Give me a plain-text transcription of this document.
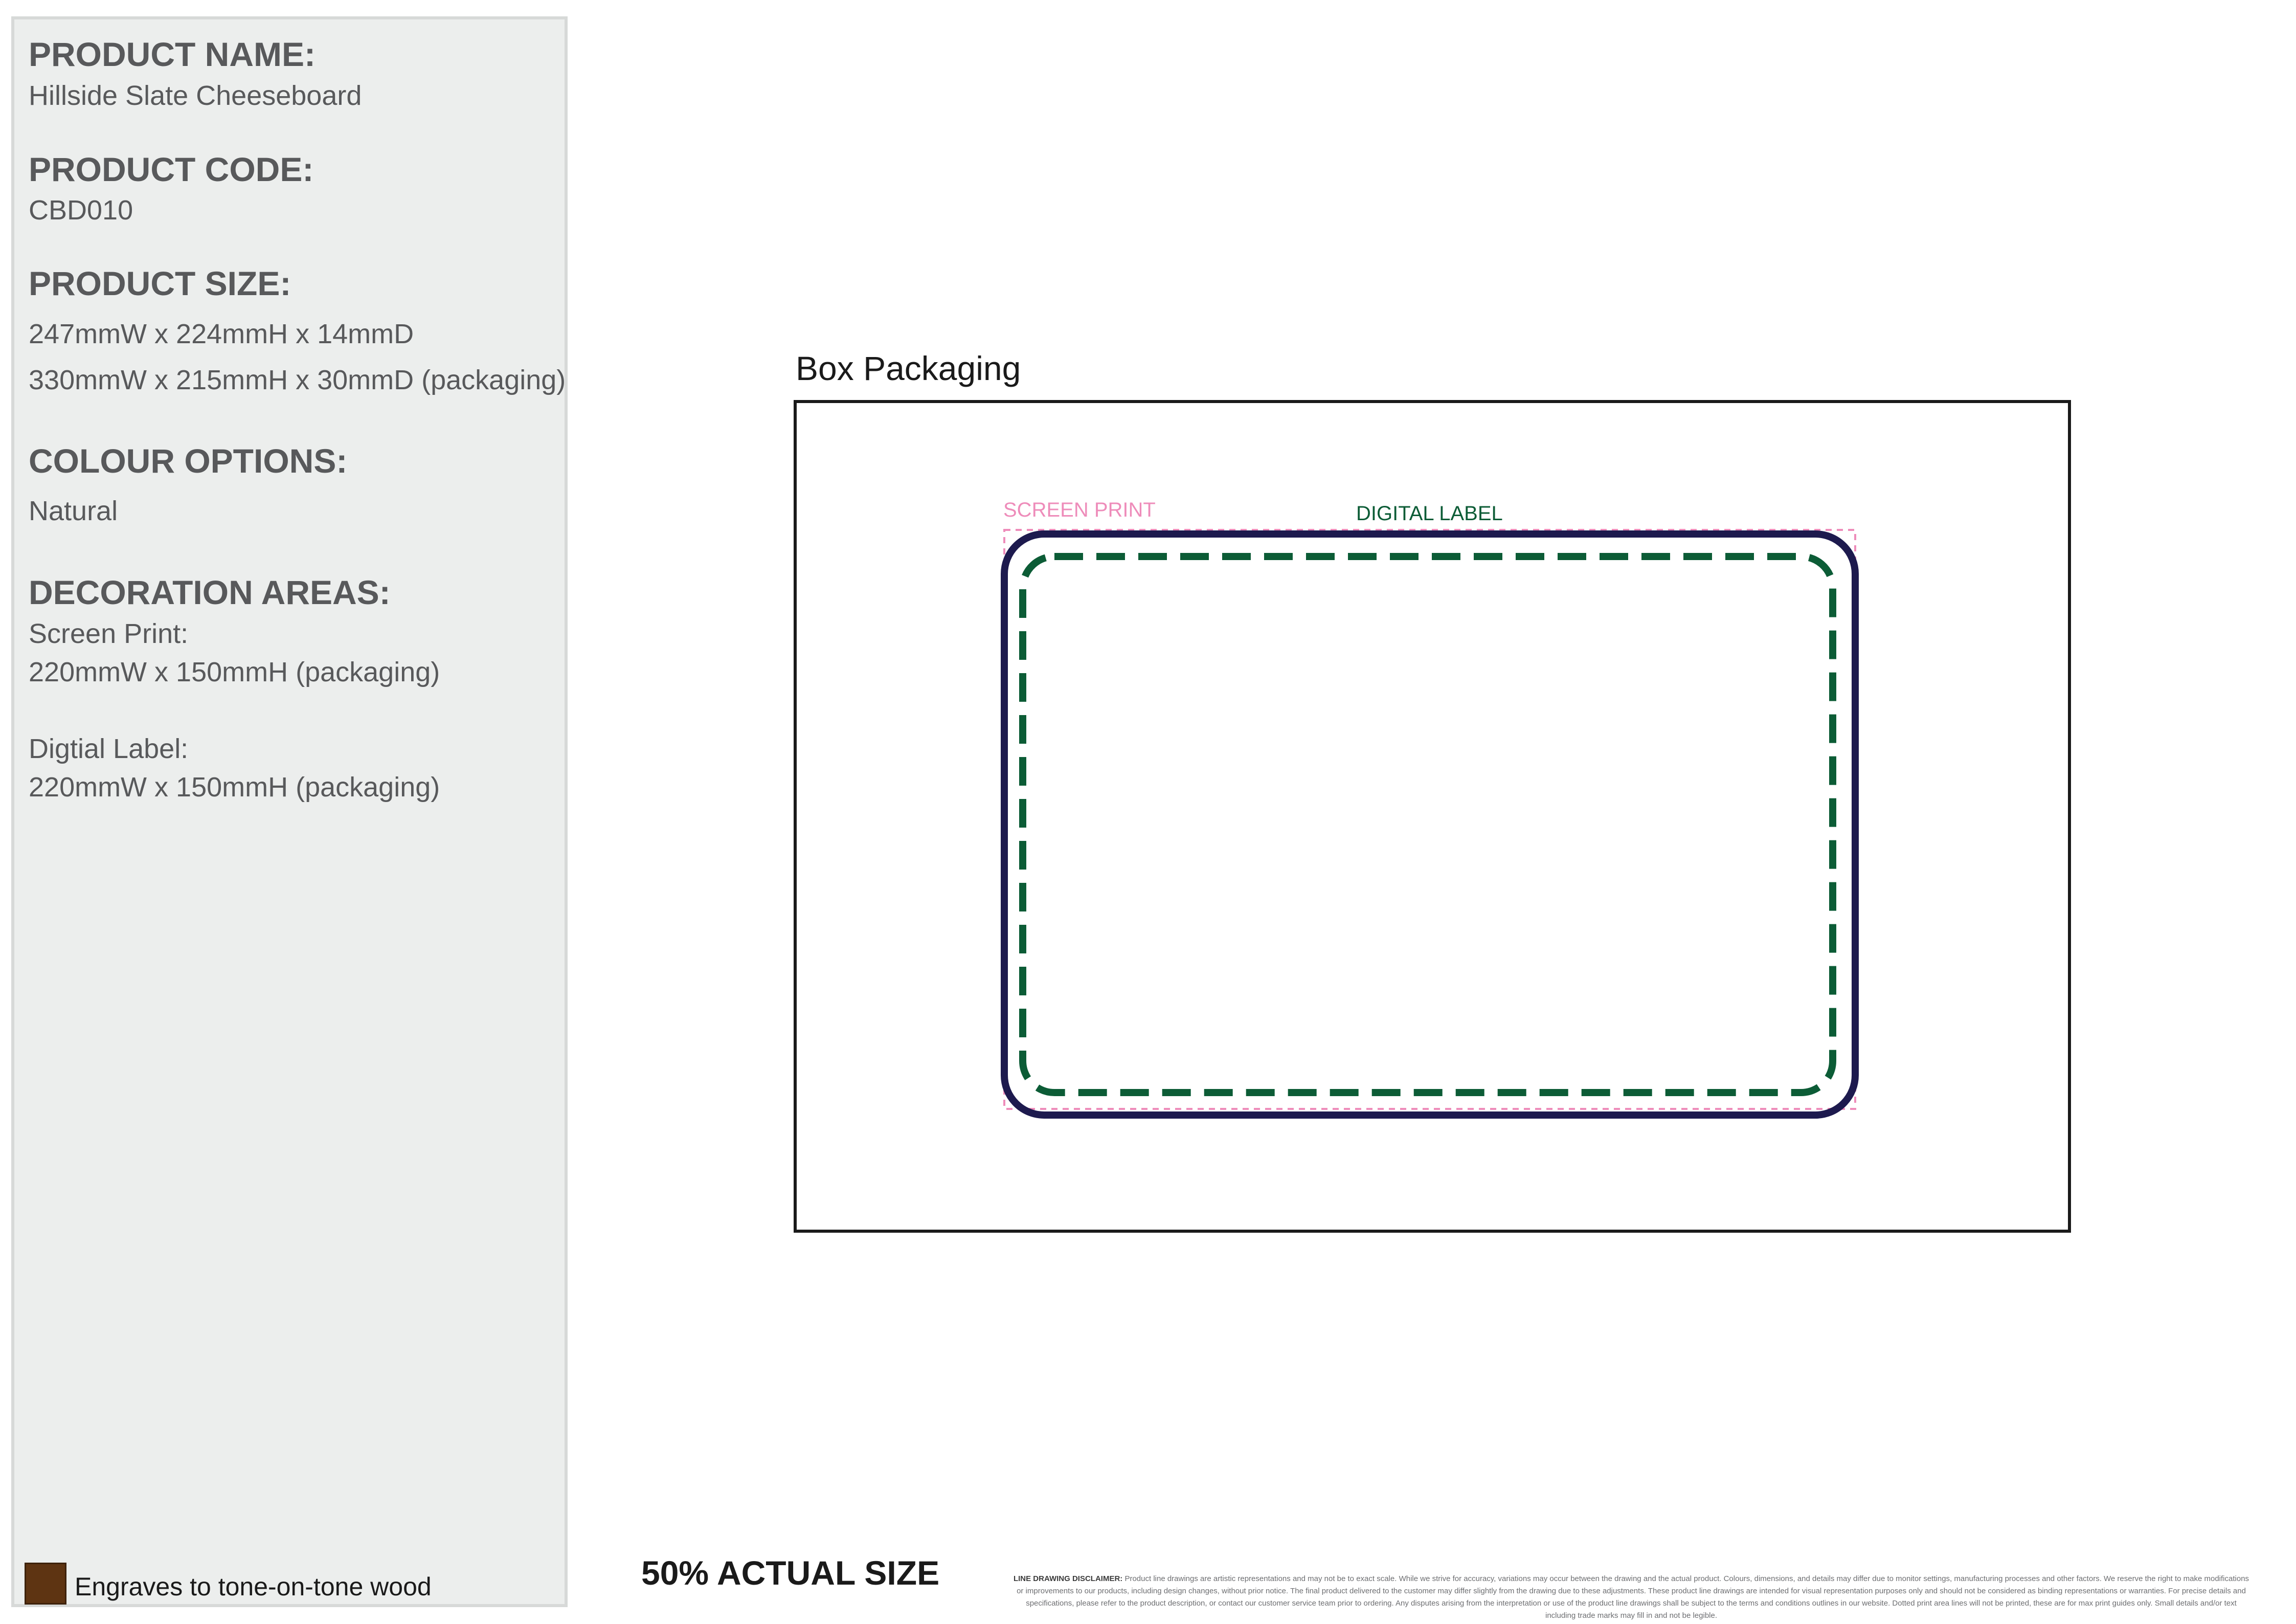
PRODUCT NAME:
Hillside Slate Cheeseboard
PRODUCT CODE:
CBD010
PRODUCT SIZE:
247mmW x 224mmH x 14mmD
330mmW x 215mmH x 30mmD (packaging)
COLOUR OPTIONS:
Natural
DECORATION AREAS:
Screen Print:
220mmW x 150mmH (packaging)
Digtial Label:
220mmW x 150mmH (packaging)
Engraves to tone-on-tone wood
Box Packaging
SCREEN PRINT	DIGITAL LABEL
50% ACTUAL SIZE	LINE DRAWING DISCLAIMER: Product line drawings are artistic representations and may not be to exact scale. While we strive for accuracy, variations may occur between the drawing and the actual product. Colours, dimensions, and details may differ due to monitor settings, manufacturing processes and other factors. We reserve the right to make modifications or improvements to our products, including design changes, without prior notice. The final product delivered to the customer may differ slightly from the drawing due to these adjustments. These product line drawings are intended for visual representation purposes only and should not be considered as binding representations or warranties. For precise details and specifications, please refer to the product description, or contact our customer service team prior to ordering. Any disputes arising from the interpretation or use of the product line drawings shall be subject to the terms and conditions outlines in our website. Dotted print area lines will not be printed, these are for max print guides only. Small details and/or text including trade marks may fill in and not be legible.
